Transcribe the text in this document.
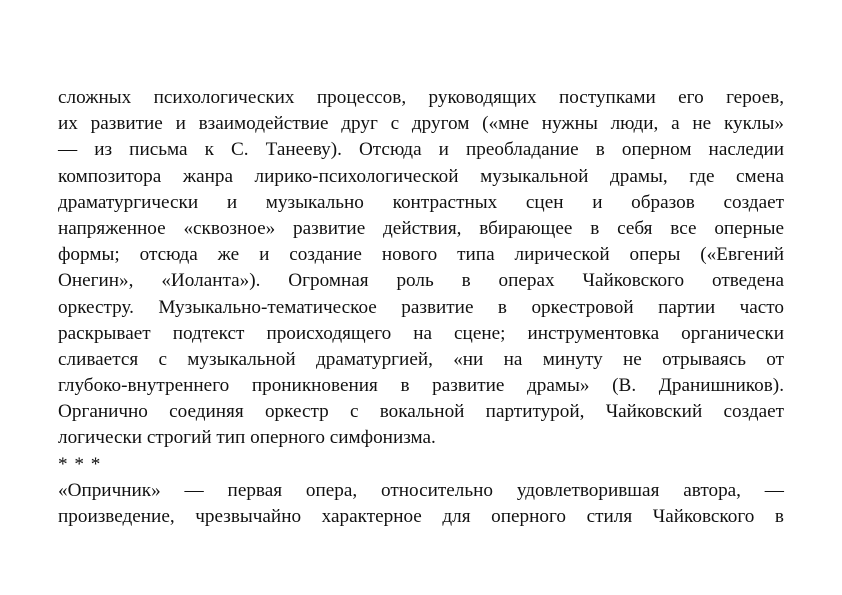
сложных психологических процессов, руководящих поступками его героев,
их развитие и взаимодействие друг с другом («мне нужны люди, а не куклы»
— из письма к С. Танееву). Отсюда и преобладание в оперном наследии
композитора жанра лирико-психологической музыкальной драмы, где смена
драматургически и музыкально контрастных сцен и образов создает
напряженное «сквозное» развитие действия, вбирающее в себя все оперные
формы; отсюда же и создание нового типа лирической оперы («Евгений
Онегин», «Иоланта»). Огромная роль в операх Чайковского отведена
оркестру. Музыкально-тематическое развитие в оркестровой партии часто
раскрывает подтекст происходящего на сцене; инструментовка органически
сливается с музыкальной драматургией, «ни на минуту не отрываясь от
глубоко-внутреннего проникновения в развитие драмы» (В. Дранишников).
Органично соединяя оркестр с вокальной партитурой, Чайковский создает
логически строгий тип оперного симфонизма.
* * *
«Опричник» — первая опера, относительно удовлетворившая автора, —
произведение, чрезвычайно характерное для оперного стиля Чайковского в
